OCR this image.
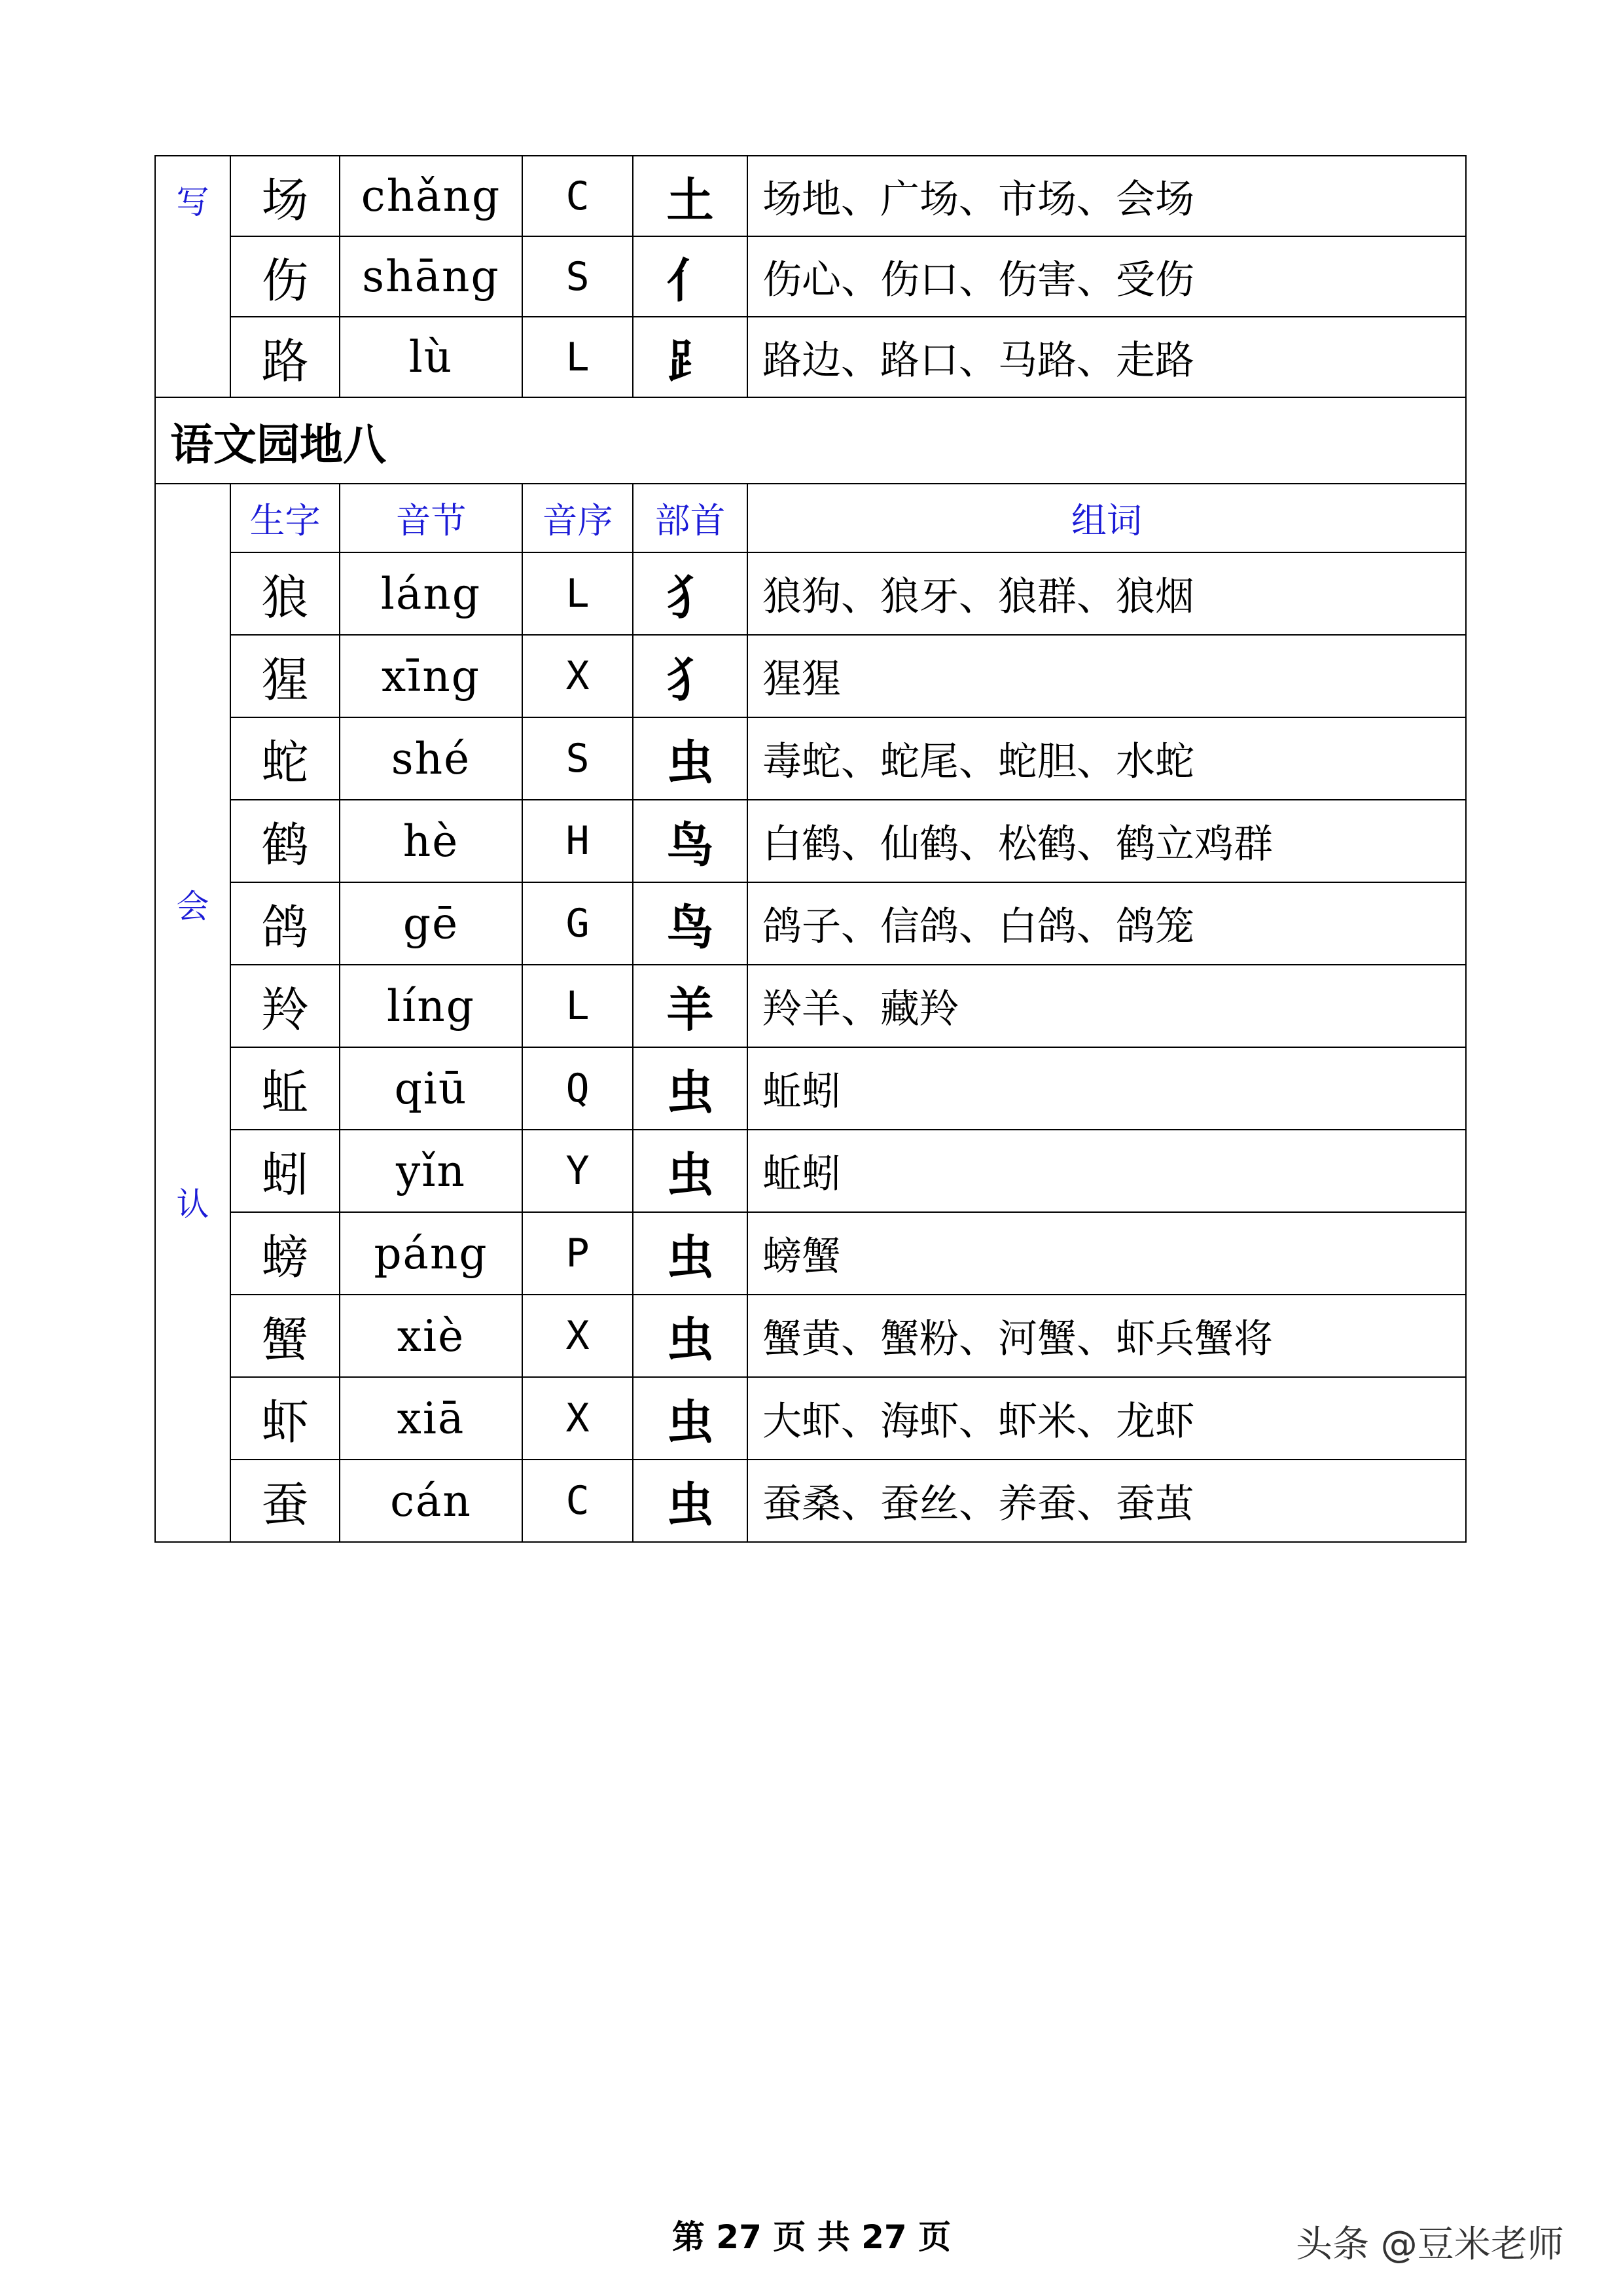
写	场	chǎng	C	土	场地、广场、市场、会场
	伤	shāng	S	亻	伤心、伤口、伤害、受伤
	路	lù	L	⻊	路边、路口、马路、走路
语文园地八					

会
认	生字	音节	音序	部首	组词
	狼	láng	L	犭	狼狗、狼牙、狼群、狼烟
	猩	xīng	X	犭	猩猩
	蛇	shé	S	虫	毒蛇、蛇尾、蛇胆、水蛇
	鹤	hè	H	鸟	白鹤、仙鹤、松鹤、鹤立鸡群
	鸽	gē	G	鸟	鸽子、信鸽、白鸽、鸽笼
	羚	líng	L	羊	羚羊、藏羚
	蚯	qiū	Q	虫	蚯蚓
	蚓	yǐn	Y	虫	蚯蚓
	螃	páng	P	虫	螃蟹
	蟹	xiè	X	虫	蟹黄、蟹粉、河蟹、虾兵蟹将
	虾	xiā	X	虫	大虾、海虾、虾米、龙虾
	蚕	cán	C	虫	蚕桑、蚕丝、养蚕、蚕茧
第 27 页 共 27 页	头条 @豆米老师
